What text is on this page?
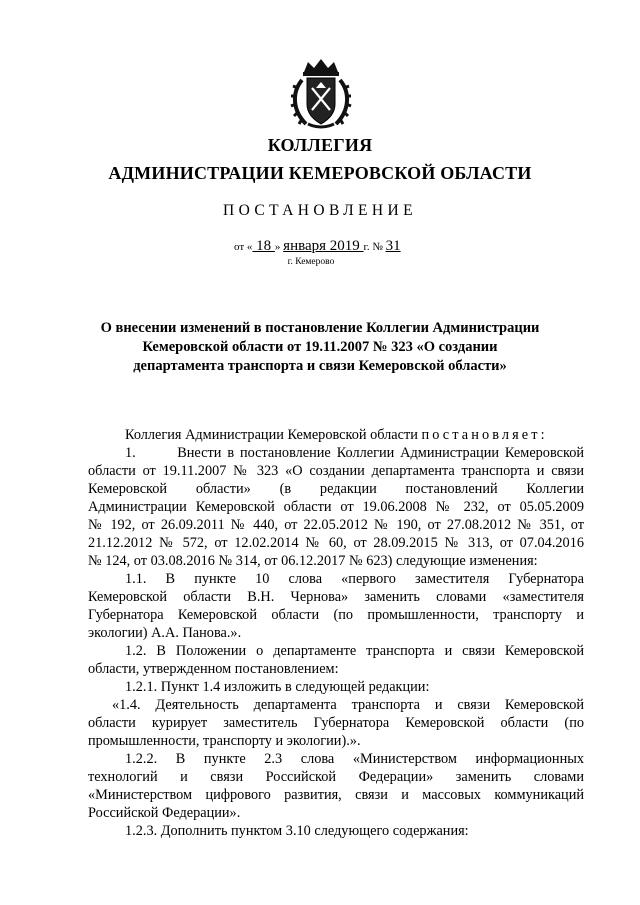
КОЛЛЕГИЯ
АДМИНИСТРАЦИИ КЕМЕРОВСКОЙ ОБЛАСТИ
ПОСТАНОВЛЕНИЕ
от « 18 » января 2019 г. № 31
г. Кемерово
О внесении изменений в постановление Коллегии Администрации
Кемеровской области от 19.11.2007 № 323 «О создании
департамента транспорта и связи Кемеровской области»
Коллегия Администрации Кемеровской области постановляет:
1.       Внести в постановление Коллегии Администрации Кемеровской
области от 19.11.2007 № 323 «О создании департамента транспорта и связи
Кемеровской области» (в редакции постановлений Коллегии
Администрации Кемеровской области от 19.06.2008 № 232, от 05.05.2009
№ 192, от 26.09.2011 № 440, от 22.05.2012 № 190, от 27.08.2012 № 351, от
21.12.2012 № 572, от 12.02.2014 № 60, от 28.09.2015 № 313, от 07.04.2016
№ 124, от 03.08.2016 № 314, от 06.12.2017 № 623) следующие изменения:
1.1. В пункте 10 слова «первого заместителя Губернатора
Кемеровской области В.Н. Чернова» заменить словами «заместителя
Губернатора Кемеровской области (по промышленности, транспорту и
экологии) А.А. Панова.».
1.2. В Положении о департаменте транспорта и связи Кемеровской
области, утвержденном постановлением:
1.2.1. Пункт 1.4 изложить в следующей редакции:
«1.4. Деятельность департамента транспорта и связи Кемеровской
области курирует заместитель Губернатора Кемеровской области (по
промышленности, транспорту и экологии).».
1.2.2. В пункте 2.3 слова «Министерством информационных
технологий и связи Российской Федерации» заменить словами
«Министерством цифрового развития, связи и массовых коммуникаций
Российской Федерации».
1.2.3. Дополнить пунктом 3.10 следующего содержания:
